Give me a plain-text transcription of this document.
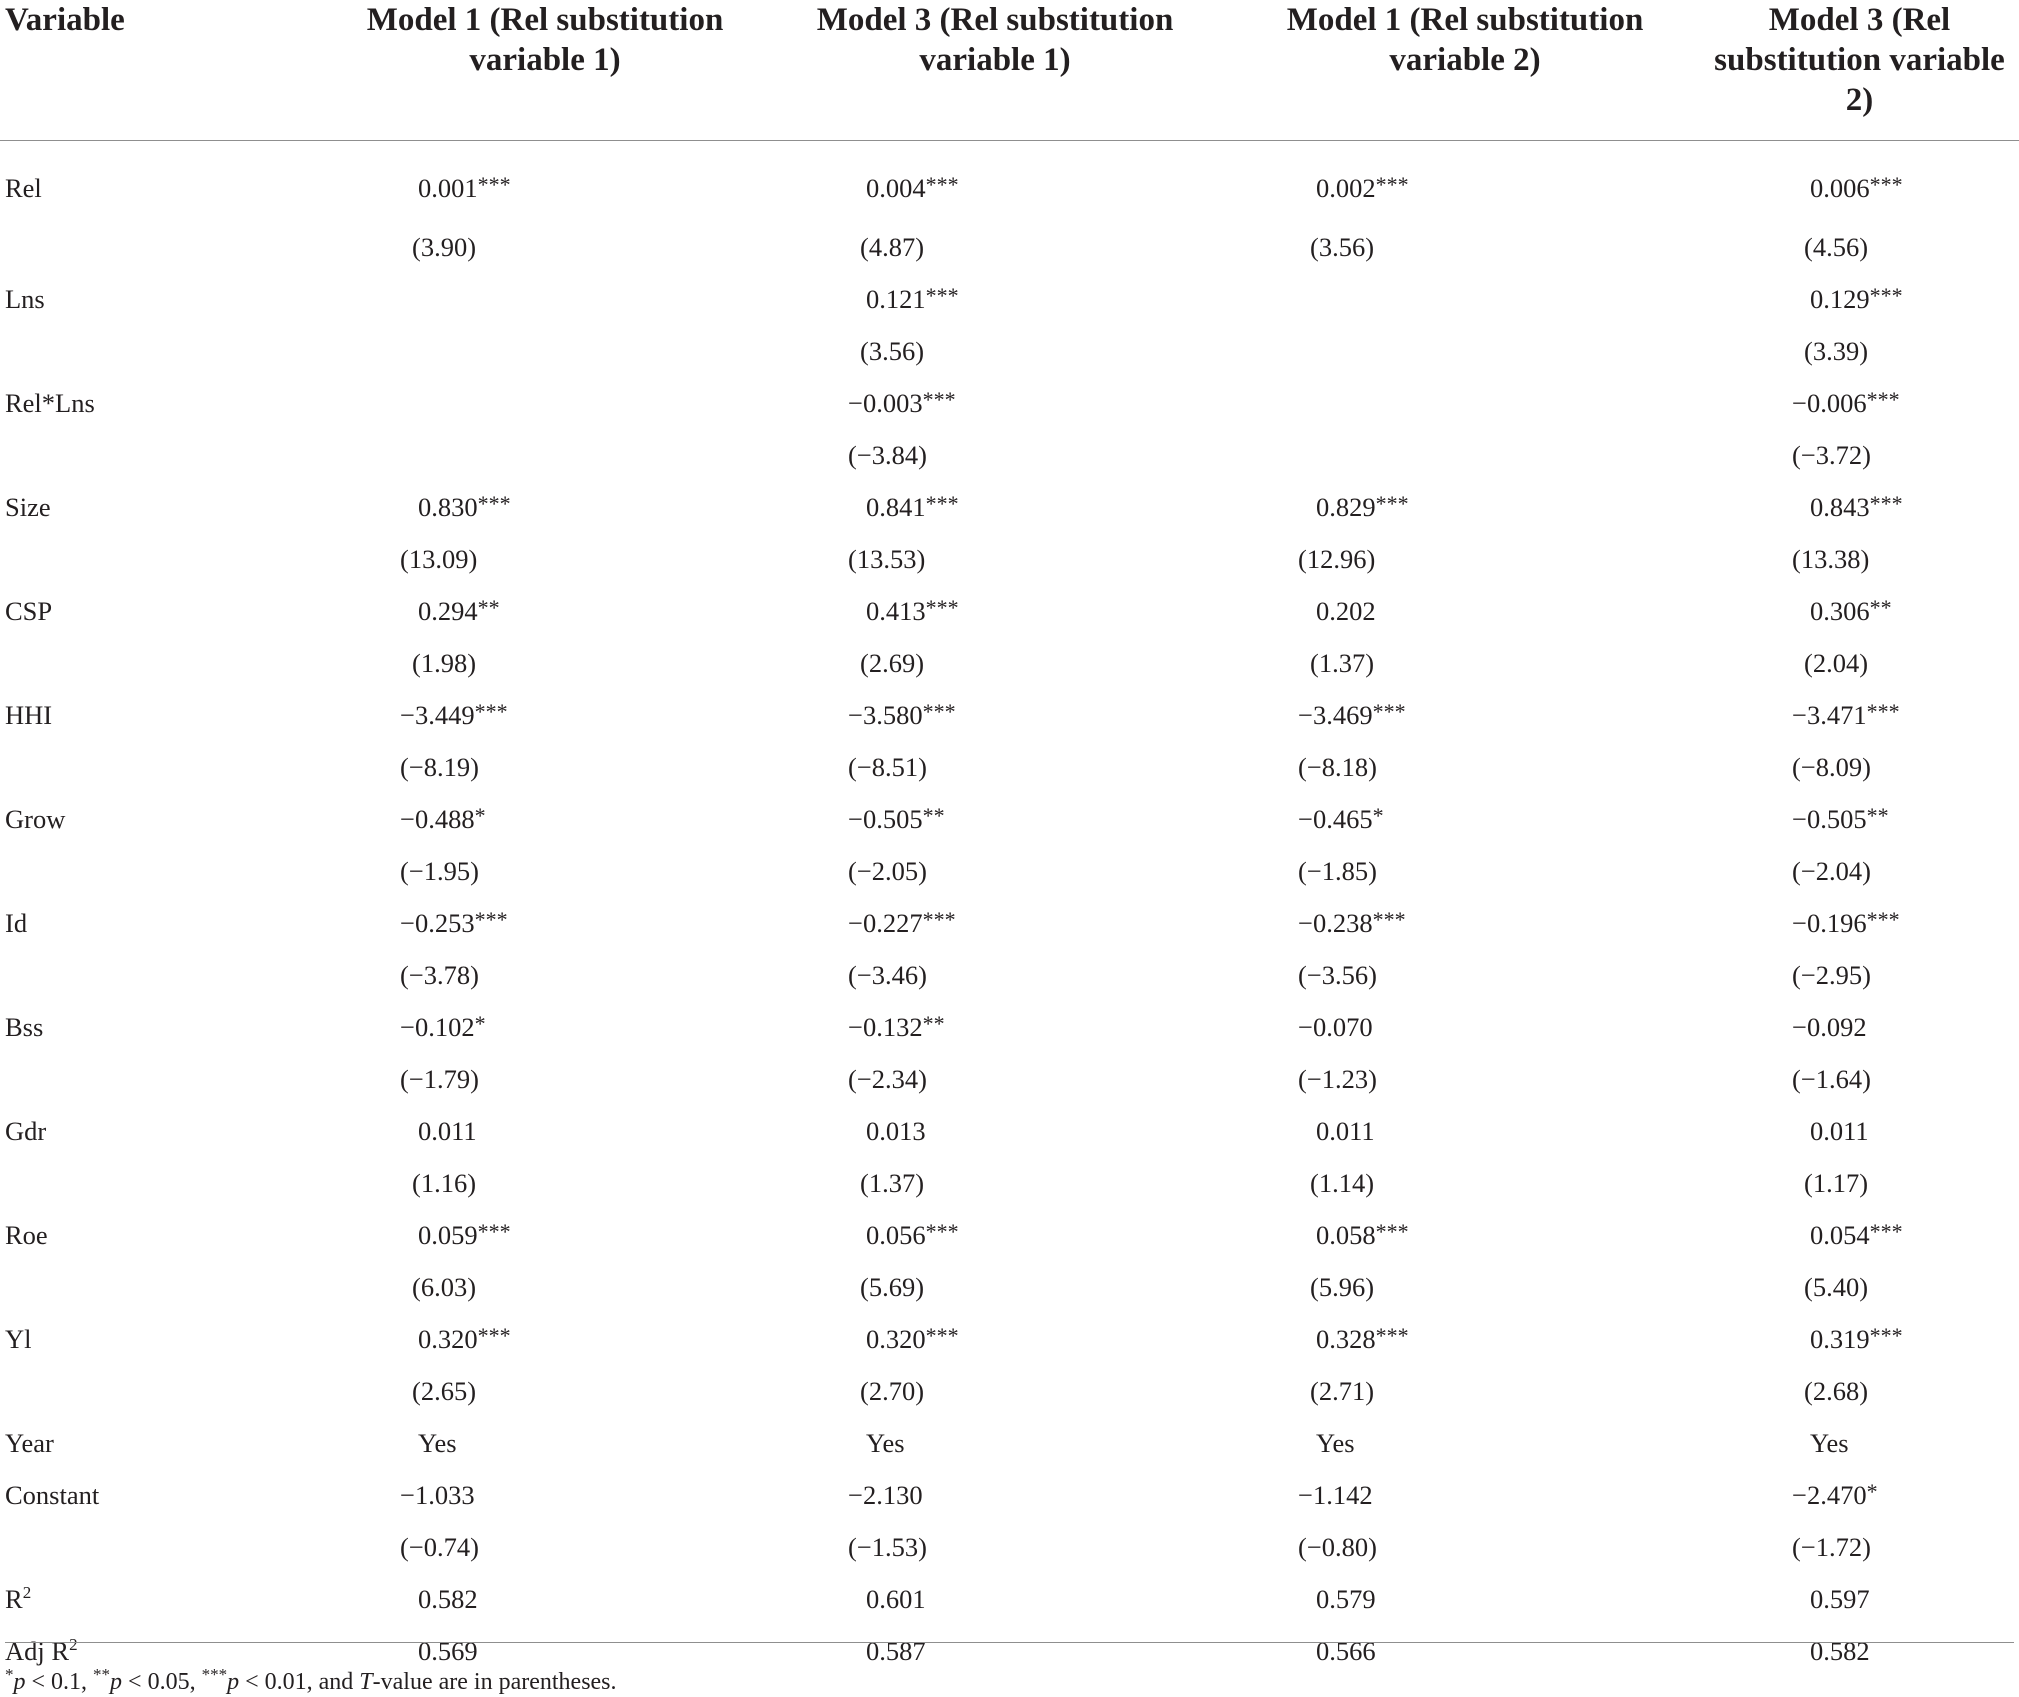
Variable	Model 1 (Rel substitution variable 1)	Model 3 (Rel substitution variable 1)	Model 1 (Rel substitution variable 2)	Model 3 (Rel substitution variable 2)
Rel	0.001***	0.004***	0.002***	0.006***
	(3.90)	(4.87)	(3.56)	(4.56)
Lns		0.121***		0.129***
		(3.56)		(3.39)
Rel*Lns		−0.003***		−0.006***
		(−3.84)		(−3.72)
Size	0.830***	0.841***	0.829***	0.843***
	(13.09)	(13.53)	(12.96)	(13.38)
CSP	0.294**	0.413***	0.202	0.306**
	(1.98)	(2.69)	(1.37)	(2.04)
HHI	−3.449***	−3.580***	−3.469***	−3.471***
	(−8.19)	(−8.51)	(−8.18)	(−8.09)
Grow	−0.488*	−0.505**	−0.465*	−0.505**
	(−1.95)	(−2.05)	(−1.85)	(−2.04)
Id	−0.253***	−0.227***	−0.238***	−0.196***
	(−3.78)	(−3.46)	(−3.56)	(−2.95)
Bss	−0.102*	−0.132**	−0.070	−0.092
	(−1.79)	(−2.34)	(−1.23)	(−1.64)
Gdr	0.011	0.013	0.011	0.011
	(1.16)	(1.37)	(1.14)	(1.17)
Roe	0.059***	0.056***	0.058***	0.054***
	(6.03)	(5.69)	(5.96)	(5.40)
Yl	0.320***	0.320***	0.328***	0.319***
	(2.65)	(2.70)	(2.71)	(2.68)
Year	Yes	Yes	Yes	Yes
Constant	−1.033	−2.130	−1.142	−2.470*
	(−0.74)	(−1.53)	(−0.80)	(−1.72)
$R^2$	0.582	0.601	0.579	0.597
Adj $R^2$	0.569	0.587	0.566	0.582
*p < 0.1, **p < 0.05, ***p < 0.01, and T-value are in parentheses.
